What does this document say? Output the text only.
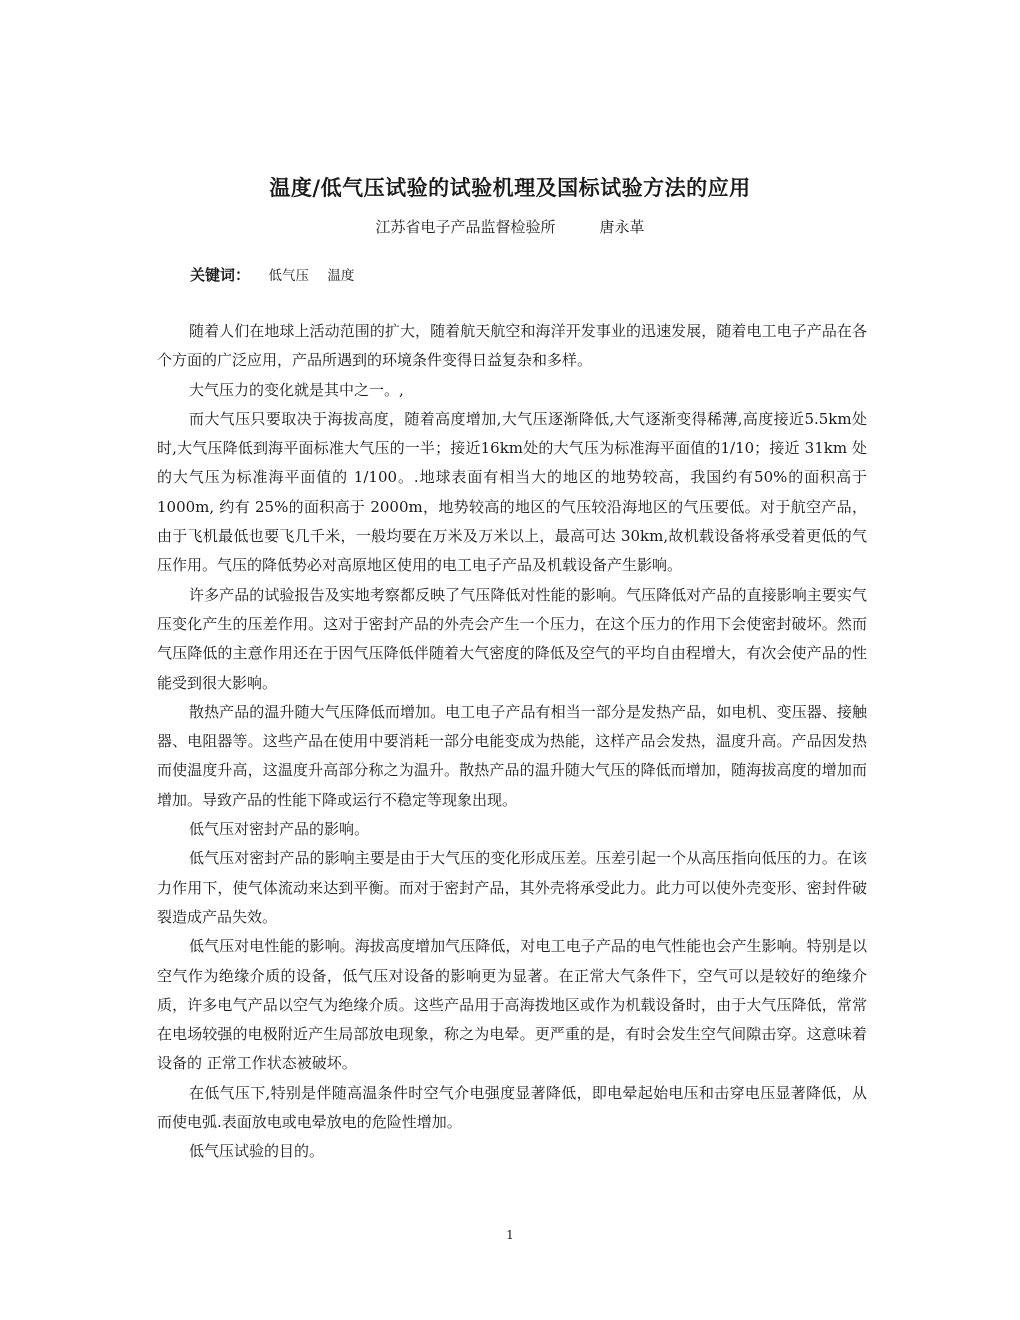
温度/低气压试验的试验机理及国标试验方法的应用
江苏省电子产品监督检验所	唐永革
关键词： 低气压 温度

随着人们在地球上活动范围的扩大，随着航天航空和海洋开发事业的迅速发展，随着电工电子产品在各个方面的广泛应用，产品所遇到的环境条件变得日益复杂和多样。

大气压力的变化就是其中之一。,

而大气压只要取决于海拔高度，随着高度增加,大气压逐渐降低,大气逐渐变得稀薄,高度接近5.5km处时,大气压降低到海平面标准大气压的一半；接近16km处的大气压为标准海平面值的1/10；接近 31km 处的大气压为标准海平面值的 1/100。.地球表面有相当大的地区的地势较高，我国约有50%的面积高于 1000m, 约有 25%的面积高于 2000m，地势较高的地区的气压较沿海地区的气压要低。对于航空产品，由于飞机最低也要飞几千米，一般均要在万米及万米以上，最高可达 30km,故机载设备将承受着更低的气压作用。气压的降低势必对高原地区使用的电工电子产品及机载设备产生影响。

许多产品的试验报告及实地考察都反映了气压降低对性能的影响。气压降低对产品的直接影响主要实气压变化产生的压差作用。这对于密封产品的外壳会产生一个压力，在这个压力的作用下会使密封破坏。然而气压降低的主意作用还在于因气压降低伴随着大气密度的降低及空气的平均自由程增大，有次会使产品的性能受到很大影响。

散热产品的温升随大气压降低而增加。电工电子产品有相当一部分是发热产品，如电机、变压器、接触器、电阻器等。这些产品在使用中要消耗一部分电能变成为热能，这样产品会发热，温度升高。产品因发热而使温度升高，这温度升高部分称之为温升。散热产品的温升随大气压的降低而增加，随海拔高度的增加而增加。导致产品的性能下降或运行不稳定等现象出现。

低气压对密封产品的影响。

低气压对密封产品的影响主要是由于大气压的变化形成压差。压差引起一个从高压指向低压的力。在该力作用下，使气体流动来达到平衡。而对于密封产品，其外壳将承受此力。此力可以使外壳变形、密封件破裂造成产品失效。

低气压对电性能的影响。海拔高度增加气压降低，对电工电子产品的电气性能也会产生影响。特别是以空气作为绝缘介质的设备，低气压对设备的影响更为显著。在正常大气条件下，空气可以是较好的绝缘介质，许多电气产品以空气为绝缘介质。这些产品用于高海拨地区或作为机载设备时，由于大气压降低，常常在电场较强的电极附近产生局部放电现象，称之为电晕。更严重的是，有时会发生空气间隙击穿。这意味着设备的 正常工作状态被破坏。

在低气压下,特别是伴随高温条件时空气介电强度显著降低，即电晕起始电压和击穿电压显著降低，从而使电弧.表面放电或电晕放电的危险性增加。

低气压试验的目的。

1
